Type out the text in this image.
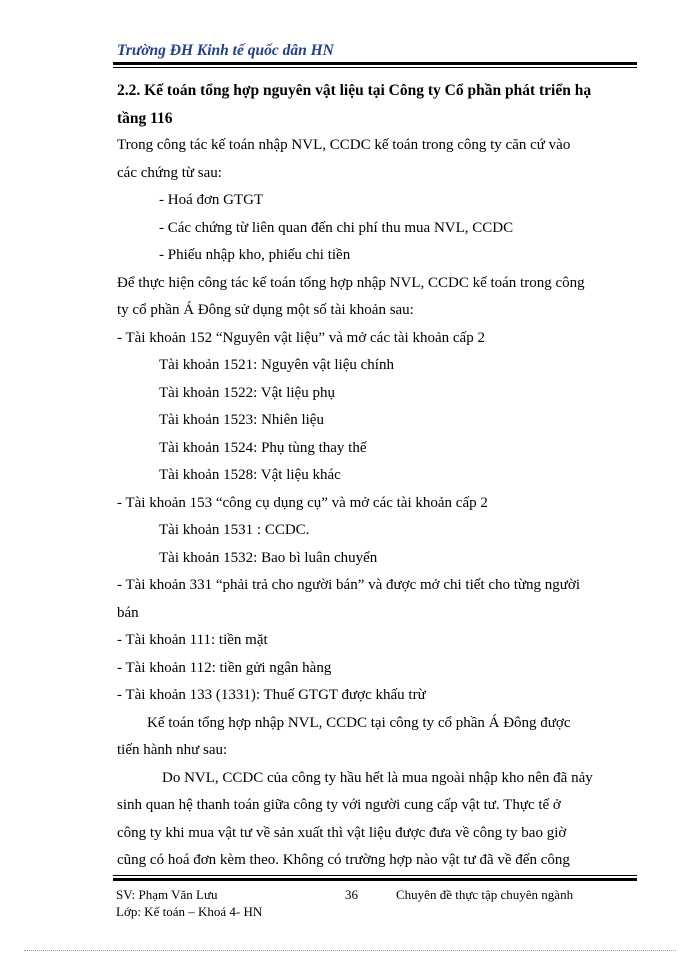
Trường ĐH Kinh tế quốc dân HN
2.2. Kế toán tổng hợp nguyên vật liệu tại Công ty Cổ phần phát triển hạ
tầng 116
Trong công tác kế toán nhập NVL, CCDC kế toán trong công ty căn cứ vào
các chứng từ sau:
- Hoá đơn GTGT
- Các chứng từ liên quan đến chi phí thu mua NVL, CCDC
- Phiếu nhập kho, phiếu chi tiền
Để thực hiện công tác kế toán tổng hợp nhập NVL, CCDC kế toán trong công
ty cổ phần Á Đông sử dụng một số tài khoản sau:
- Tài khoản 152 “Nguyên vật liệu” và mở các tài khoản cấp 2
Tài khoản 1521: Nguyên vật liệu chính
Tài khoản 1522: Vật liệu phụ
Tài khoản 1523: Nhiên liệu
Tài khoản 1524: Phụ tùng thay thế
Tài khoản 1528: Vật liệu khác
- Tài khoản 153 “công cụ dụng cụ” và mở các tài khoản cấp 2
Tài khoản 1531 : CCDC.
Tài khoản 1532: Bao bì luân chuyển
- Tài khoản 331 “phải trả cho người bán” và được mở chi tiết cho từng người
bán
- Tài khoản 111: tiền mặt
- Tài khoản 112: tiền gửi ngân hàng
- Tài khoản 133 (1331): Thuế GTGT được khấu trừ
Kế toán tổng hợp nhập NVL, CCDC tại công ty cổ phần Á Đông được
tiến hành như sau:
Do NVL, CCDC của công ty hầu hết là mua ngoài nhập kho nên đã nảy
sinh quan hệ thanh toán giữa công ty với người cung cấp vật tư. Thực tế ở
công ty khi mua vật tư về sản xuất thì vật liệu được đưa về công ty bao giờ
cũng có hoá đơn kèm theo. Không có trường hợp nào vật tư đã về đến công
SV: Phạm Văn Lưu
Lớp: Kế toán – Khoá 4- HN
36	Chuyên đề thực tập chuyên ngành
